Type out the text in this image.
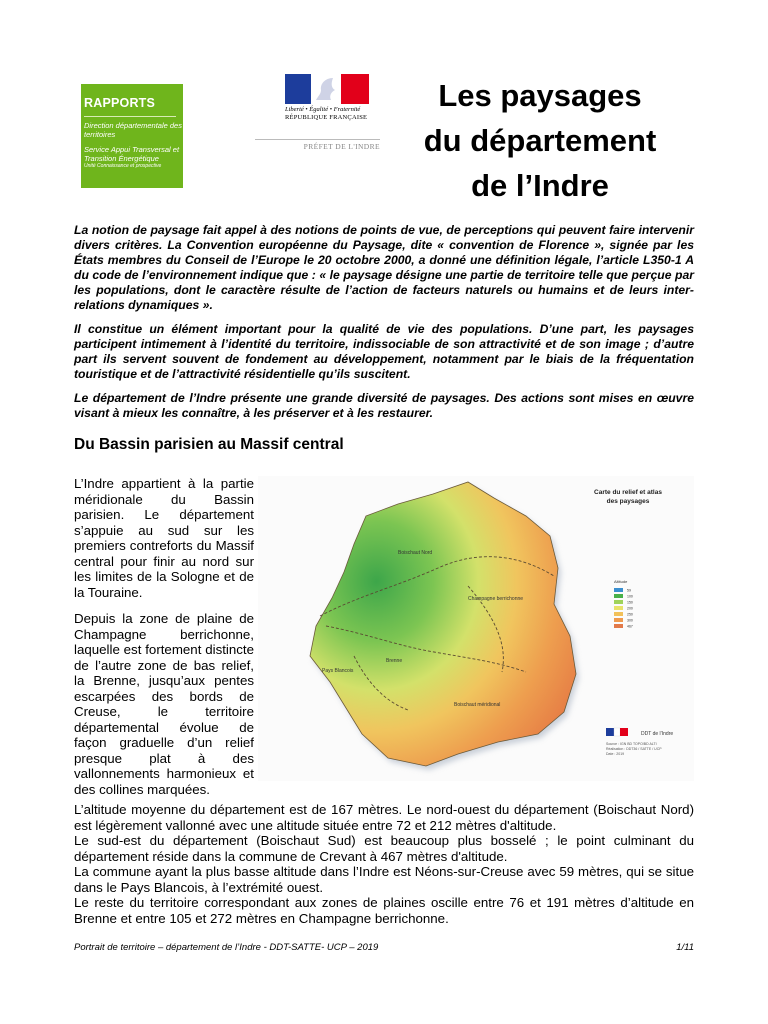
RAPPORTS
Direction départementale des territoires
Service Appui Transversal et Transition Énergétique
Unité Connaissance et prospective
Liberté • Égalité • Fraternité
RÉPUBLIQUE FRANÇAISE
PRÉFET DE L'INDRE
Les paysages
du département
de l’Indre

La notion de paysage fait appel à des notions de points de vue, de perceptions qui peuvent faire intervenir divers critères. La Convention européenne du Paysage, dite « convention de Florence », signée par les États membres du Conseil de l’Europe le 20 octobre 2000, a donné une définition légale, l’article L350-1 A du code de l’environnement indique que : « le paysage désigne une partie de territoire telle que perçue par les populations, dont le caractère résulte de l’action de facteurs naturels ou humains et de leurs inter-relations dynamiques ».

Il constitue un élément important pour la qualité de vie des populations. D’une part, les paysages participent intimement à l’identité du territoire, indissociable de son attractivité et de son image ; d’autre part ils servent souvent de fondement au développement, notamment par le biais de la fréquentation touristique et de l’attractivité résidentielle qu’ils suscitent.

Le département de l’Indre présente une grande diversité de paysages. Des actions sont mises en œuvre visant à mieux les connaître, à les préserver et à les restaurer.

Du Bassin parisien au Massif central

L’Indre appartient à la partie méridionale du Bassin parisien. Le département s’appuie au sud sur les premiers contreforts du Massif central pour finir au nord sur les limites de la Sologne et de la Touraine.

Depuis la zone de plaine de Champagne berrichonne, laquelle est fortement distincte de l’autre zone de bas relief, la Brenne, jusqu’aux pentes escarpées des bords de Creuse, le territoire départemental évolue de façon graduelle d’un relief presque plat à des vallonnements harmonieux et des collines marquées.

Boischaut Nord
Champagne berrichonne
Brenne
Pays Blancois
Boischaut méridional
Carte du relief et atlas
des paysages
Altitude
59
100
150
200
250
300
467
DDT de l’Indre
Source : IGN BD TOPO/BD ALTI
Réalisation : DDT36 / SATTE / UCP
Date : 2019

L’altitude moyenne du département est de 167 mètres. Le nord-ouest du département (Boischaut Nord) est légèrement vallonné avec une altitude située entre 72 et 212 mètres d'altitude.

Le sud-est du département (Boischaut Sud) est beaucoup plus bosselé ; le point culminant du département réside dans la commune de Crevant à 467 mètres d'altitude.

La commune ayant la plus basse altitude dans l’Indre est Néons-sur-Creuse avec 59 mètres, qui se situe dans le Pays Blancois, à l’extrémité ouest.

Le reste du territoire correspondant aux zones de plaines oscille entre 76 et 191 mètres d’altitude en Brenne et entre 105 et 272 mètres en Champagne berrichonne.

Portrait de territoire – département de l’Indre - DDT-SATTE- UCP – 2019	1/11
